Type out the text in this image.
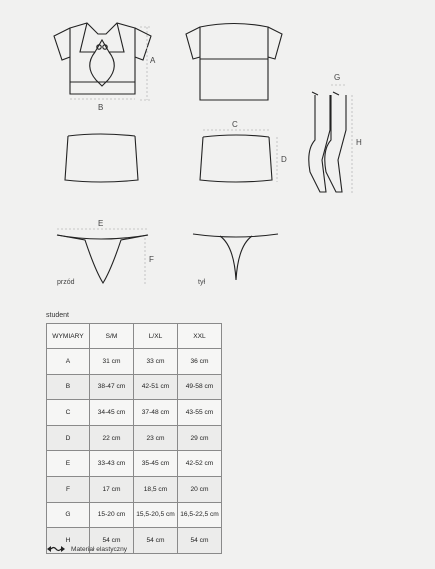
A
B
C
D
E
F
G
H
przód	tył
student
WYMIARY	S/M	L/XL	XXL
A	31 cm	33 cm	36 cm
B	38-47 cm	42-51 cm	49-58 cm
C	34-45 cm	37-48 cm	43-55 cm
D	22 cm	23 cm	29 cm
E	33-43 cm	35-45 cm	42-52 cm
F	17 cm	18,5 cm	20 cm
G	15-20 cm	15,5-20,5 cm	16,5-22,5 cm
H	54 cm	54 cm	54 cm
Materiał elastyczny
